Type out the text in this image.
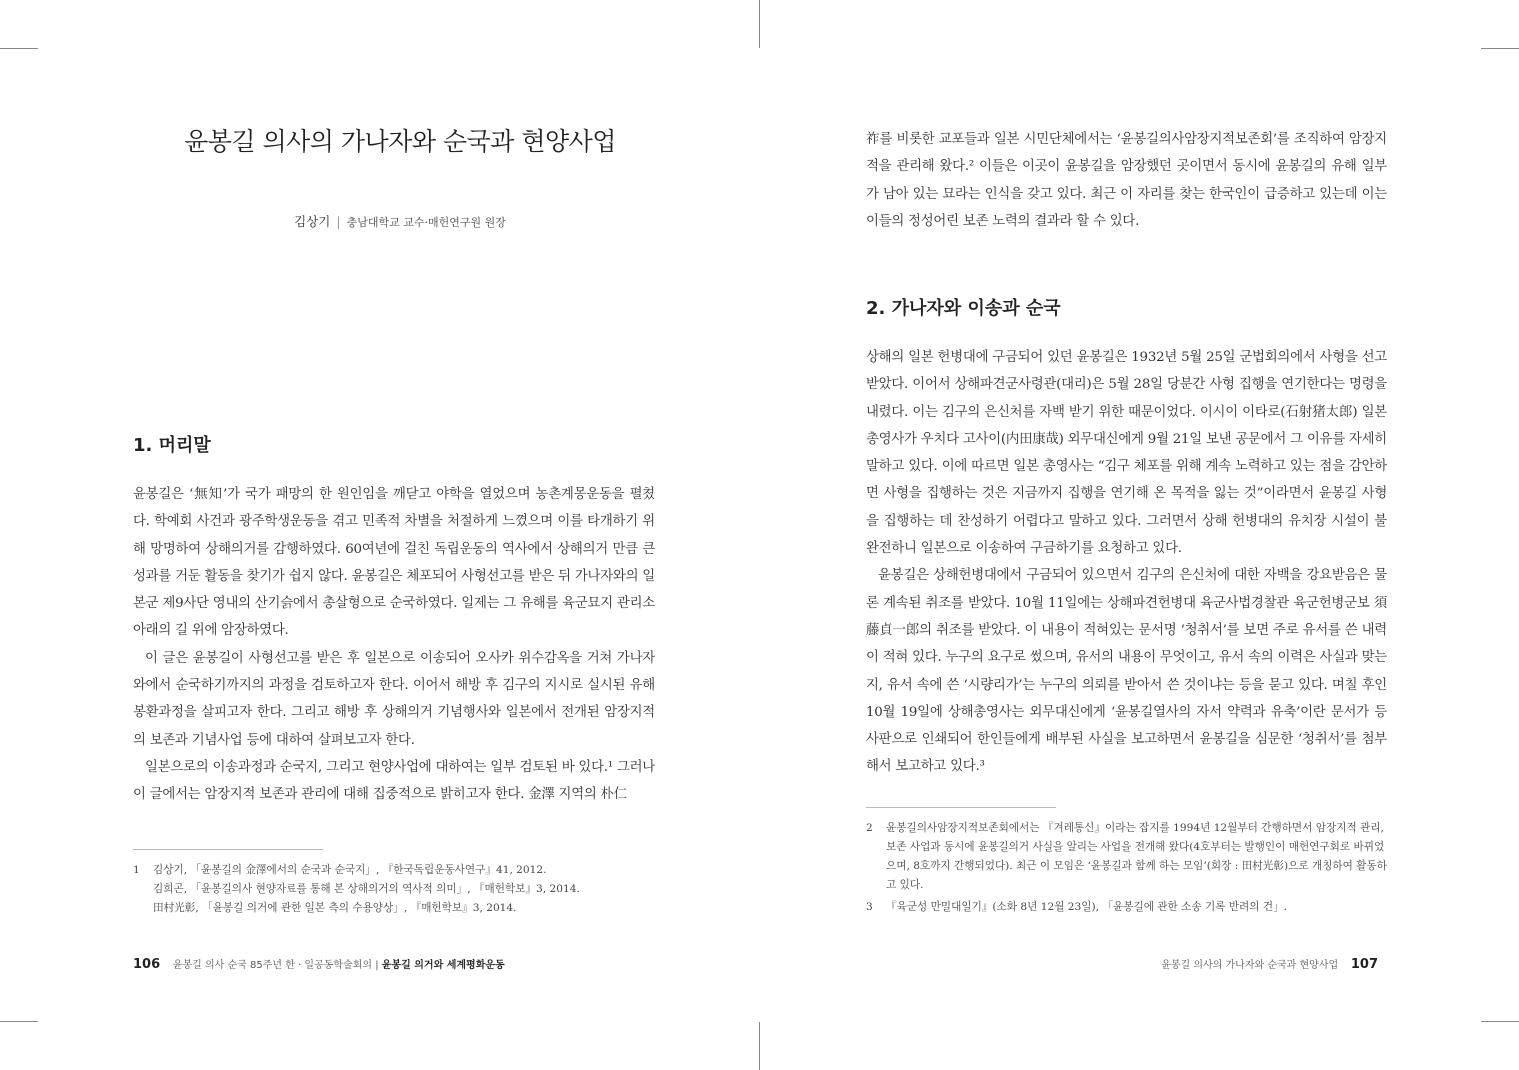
윤봉길 의사의 가나자와 순국과 현양사업
김상기 | 충남대학교 교수·매헌연구원 원장
1. 머리말

윤봉길은 ‘無知’가 국가 패망의 한 원인임을 깨닫고 야학을 열었으며 농촌계몽운동을 펼쳤다. 학예회 사건과 광주학생운동을 겪고 민족적 차별을 처절하게 느꼈으며 이를 타개하기 위해 망명하여 상해의거를 감행하였다. 60여년에 걸친 독립운동의 역사에서 상해의거 만큼 큰 성과를 거둔 활동을 찾기가 쉽지 않다. 윤봉길은 체포되어 사형선고를 받은 뒤 가나자와의 일본군 제9사단 영내의 산기슭에서 총살형으로 순국하였다. 일제는 그 유해를 육군묘지 관리소 아래의 길 위에 암장하였다.

이 글은 윤봉길이 사형선고를 받은 후 일본으로 이송되어 오사카 위수감옥을 거쳐 가나자와에서 순국하기까지의 과정을 검토하고자 한다. 이어서 해방 후 김구의 지시로 실시된 유해봉환과정을 살피고자 한다. 그리고 해방 후 상해의거 기념행사와 일본에서 전개된 암장지적의 보존과 기념사업 등에 대하여 살펴보고자 한다.

일본으로의 이송과정과 순국지, 그리고 현양사업에 대하여는 일부 검토된 바 있다.¹ 그러나 이 글에서는 암장지적 보존과 관리에 대해 집중적으로 밝히고자 한다. 金澤 지역의 朴仁

1 김상기, 「윤봉길의 金澤에서의 순국과 순국지」, 『한국독립운동사연구』41, 2012.
김희곤, 「윤봉길의사 현양자료를 통해 본 상해의거의 역사적 의미」, 『매헌학보』3, 2014.
田村光彰, 「윤봉길 의거에 관한 일본 측의 수용양상」, 『매헌학보』3, 2014.
106 윤봉길 의사 순국 85주년 한 · 일공동학술회의 | 윤봉길 의거와 세계평화운동

祚를 비롯한 교포들과 일본 시민단체에서는 ‘윤봉길의사암장지적보존회’를 조직하여 암장지적을 관리해 왔다.² 이들은 이곳이 윤봉길을 암장했던 곳이면서 동시에 윤봉길의 유해 일부가 남아 있는 묘라는 인식을 갖고 있다. 최근 이 자리를 찾는 한국인이 급증하고 있는데 이는 이들의 정성어린 보존 노력의 결과라 할 수 있다.

2. 가나자와 이송과 순국

상해의 일본 헌병대에 구금되어 있던 윤봉길은 1932년 5월 25일 군법회의에서 사형을 선고받았다. 이어서 상해파견군사령관(대리)은 5월 28일 당분간 사형 집행을 연기한다는 명령을 내렸다. 이는 김구의 은신처를 자백 받기 위한 때문이었다. 이시이 이타로(石射猪太郎) 일본 총영사가 우치다 고사이(内田康哉) 외무대신에게 9월 21일 보낸 공문에서 그 이유를 자세히 말하고 있다. 이에 따르면 일본 총영사는 “김구 체포를 위해 계속 노력하고 있는 점을 감안하면 사형을 집행하는 것은 지금까지 집행을 연기해 온 목적을 잃는 것”이라면서 윤봉길 사형을 집행하는 데 찬성하기 어렵다고 말하고 있다. 그러면서 상해 헌병대의 유치장 시설이 불완전하니 일본으로 이송하여 구금하기를 요청하고 있다.

윤봉길은 상해헌병대에서 구금되어 있으면서 김구의 은신처에 대한 자백을 강요받음은 물론 계속된 취조를 받았다. 10월 11일에는 상해파견헌병대 육군사법경찰관 육군헌병군보 須藤貞一郎의 취조를 받았다. 이 내용이 적혀있는 문서명 ‘청취서’를 보면 주로 유서를 쓴 내력이 적혀 있다. 누구의 요구로 썼으며, 유서의 내용이 무엇이고, 유서 속의 이력은 사실과 맞는지, 유서 속에 쓴 ‘시량리가’는 누구의 의뢰를 받아서 쓴 것이냐는 등을 묻고 있다. 며칠 후인 10월 19일에 상해총영사는 외무대신에게 ‘윤봉길열사의 자서 약력과 유축’이란 문서가 등사판으로 인쇄되어 한인들에게 배부된 사실을 보고하면서 윤봉길을 심문한 ‘청취서’를 첨부해서 보고하고 있다.³

2 윤봉길의사암장지적보존회에서는 『겨레통신』이라는 잡지를 1994년 12월부터 간행하면서 암장지적 관리, 보존 사업과 동시에 윤봉길의거 사실을 알리는 사업을 전개해 왔다(4호부터는 발행인이 매헌연구회로 바뀌었으며, 8호까지 간행되었다). 최근 이 모임은 ‘윤봉길과 함께 하는 모임’(회장 : 田村光彰)으로 개칭하여 활동하고 있다.
3 『육군성 만밀대일기』(소화 8년 12월 23일), 「윤봉길에 관한 소송 기록 반려의 건」.
윤봉길 의사의 가나자와 순국과 현양사업 107
